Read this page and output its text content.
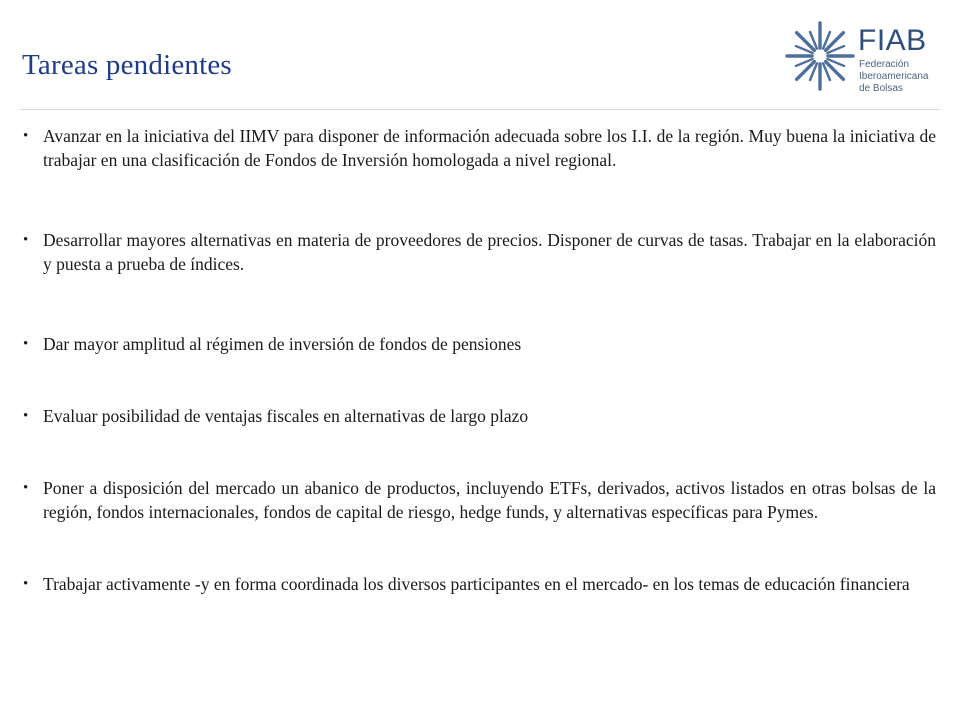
Tareas pendientes
FIAB
Federación
Iberoamericana
de Bolsas
• Avanzar en la iniciativa del IIMV para disponer de información adecuada sobre los I.I. de la región. Muy buena la iniciativa de trabajar en una clasificación de Fondos de Inversión homologada a nivel regional.
• Desarrollar mayores alternativas en materia de proveedores de precios. Disponer de curvas de tasas. Trabajar en la elaboración y puesta a prueba de índices.
• Dar mayor amplitud al régimen de inversión de fondos de pensiones
• Evaluar posibilidad de ventajas fiscales en alternativas de largo plazo
• Poner a disposición del mercado un abanico de productos, incluyendo ETFs, derivados, activos listados en otras bolsas de la región, fondos internacionales, fondos de capital de riesgo, hedge funds, y alternativas específicas para Pymes.
• Trabajar activamente -y en forma coordinada los diversos participantes en el mercado- en los temas de educación financiera
